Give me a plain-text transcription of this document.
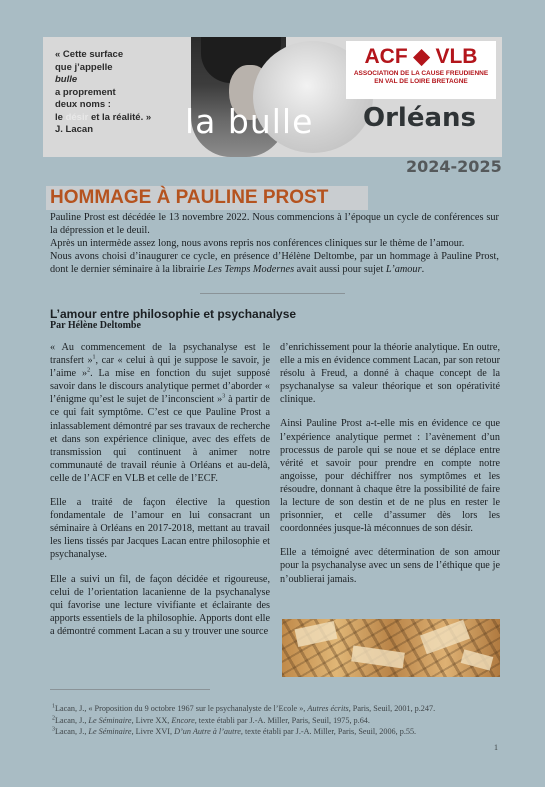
« Cette surface
que j’appelle
bulle
a proprement
deux noms :
le désir et la réalité. »
J. Lacan	la bulle
ACF ◆ VLB
ASSOCIATION DE LA CAUSE FREUDIENNE
EN VAL DE LOIRE BRETAGNE
Orléans
2024-2025
HOMMAGE À PAULINE PROST

Pauline Prost est décédée le 13 novembre 2022. Nous commencions à l’époque un cycle de conférences sur la dépression et le deuil.

Après un intermède assez long, nous avons repris nos conférences cliniques sur le thème de l’amour.

Nous avons choisi d’inaugurer ce cycle, en présence d’Hélène Deltombe, par un hommage à Pauline Prost, dont le dernier séminaire à la librairie Les Temps Modernes avait aussi pour sujet L’amour.

L’amour entre philosophie et psychanalyse
Par Hélène Deltombe

« Au commencement de la psychanalyse est le transfert »$^1$, car « celui à qui je suppose le savoir, je l’aime »$^2$. La mise en fonction du sujet supposé savoir dans le discours analytique permet d’aborder « l’énigme qu’est le sujet de l’inconscient »$^3$ à partir de ce qui fait symptôme. C’est ce que Pauline Prost a inlassablement démontré par ses travaux de recherche et dans son expérience clinique, avec des effets de transmission qui continuent à animer notre communauté de travail réunie à Orléans et au-delà, celle de l’ACF en VLB et celle de l’ECF.

Elle a traité de façon élective la question fondamentale de l’amour en lui consacrant un séminaire à Orléans en 2017-2018, mettant au travail les liens tissés par Jacques Lacan entre philosophie et psychanalyse.

Elle a suivi un fil, de façon décidée et rigoureuse, celui de l’orientation lacanienne de la psychanalyse qui favorise une lecture vivifiante et éclairante des apports essentiels de la philosophie. Apports dont elle a démontré comment Lacan a su y trouver une source

d’enrichissement pour la théorie analytique. En outre, elle a mis en évidence comment Lacan, par son retour résolu à Freud, a donné à chaque concept de la psychanalyse sa valeur théorique et son opérativité clinique.

Ainsi Pauline Prost a-t-elle mis en évidence ce que l’expérience analytique permet : l’avènement d’un processus de parole qui se noue et se déplace entre vérité et savoir pour prendre en compte notre angoisse, pour déchiffrer nos symptômes et les résoudre, donnant à chaque être la possibilité de faire la lecture de son destin et de ne plus en rester le prisonnier, et celle d’assumer dès lors les coordonnées jusque-là méconnues de son désir.

Elle a témoigné avec détermination de son amour pour la psychanalyse avec un sens de l’éthique que je n’oublierai jamais.

$^1$Lacan, J., « Proposition du 9 octobre 1967 sur le psychanalyste de l’Ecole », Autres écrits, Paris, Seuil, 2001, p.247.
$^2$Lacan, J., Le Séminaire, Livre XX, Encore, texte établi par J.-A. Miller, Paris, Seuil, 1975, p.64.
$^3$Lacan, J., Le Séminaire, Livre XVI, D’un Autre à l’autre, texte établi par J.-A. Miller, Paris, Seuil, 2006, p.55.
1
